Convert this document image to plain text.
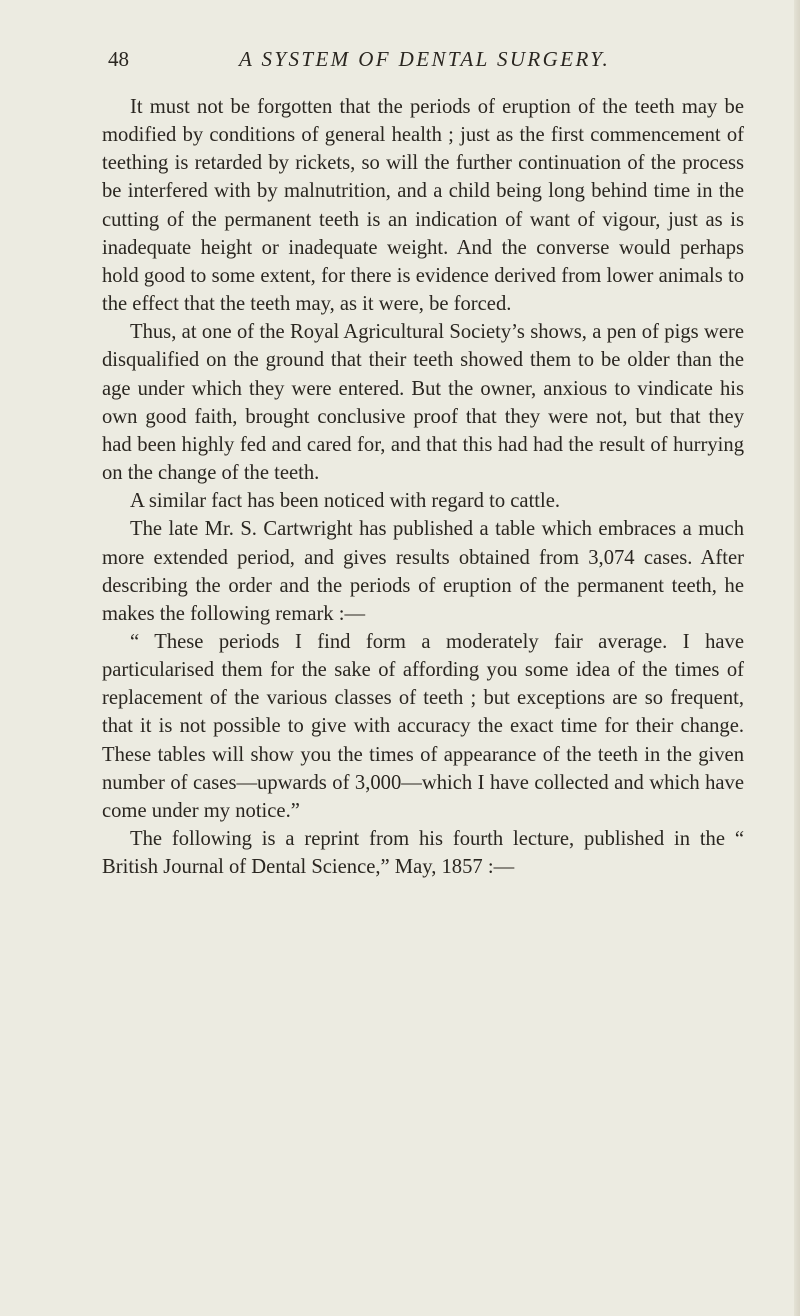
48	A SYSTEM OF DENTAL SURGERY.

It must not be forgotten that the periods of eruption of the teeth may be modified by conditions of general health ; just as the first commencement of teething is retarded by rickets, so will the further continuation of the process be interfered with by malnutrition, and a child being long behind time in the cutting of the permanent teeth is an indication of want of vigour, just as is inadequate height or inadequate weight. And the converse would perhaps hold good to some extent, for there is evidence derived from lower animals to the effect that the teeth may, as it were, be forced.

Thus, at one of the Royal Agricultural Society’s shows, a pen of pigs were disqualified on the ground that their teeth showed them to be older than the age under which they were entered. But the owner, anxious to vindicate his own good faith, brought conclusive proof that they were not, but that they had been highly fed and cared for, and that this had had the result of hurrying on the change of the teeth.

A similar fact has been noticed with regard to cattle.

The late Mr. S. Cartwright has published a table which embraces a much more extended period, and gives results obtained from 3,074 cases. After describing the order and the periods of eruption of the permanent teeth, he makes the following remark :—

“ These periods I find form a moderately fair average. I have particularised them for the sake of affording you some idea of the times of replacement of the various classes of teeth ; but exceptions are so frequent, that it is not possible to give with accuracy the exact time for their change. These tables will show you the times of appearance of the teeth in the given number of cases—upwards of 3,000—which I have collected and which have come under my notice.”

The following is a reprint from his fourth lecture, published in the “ British Journal of Dental Science,” May, 1857 :—
